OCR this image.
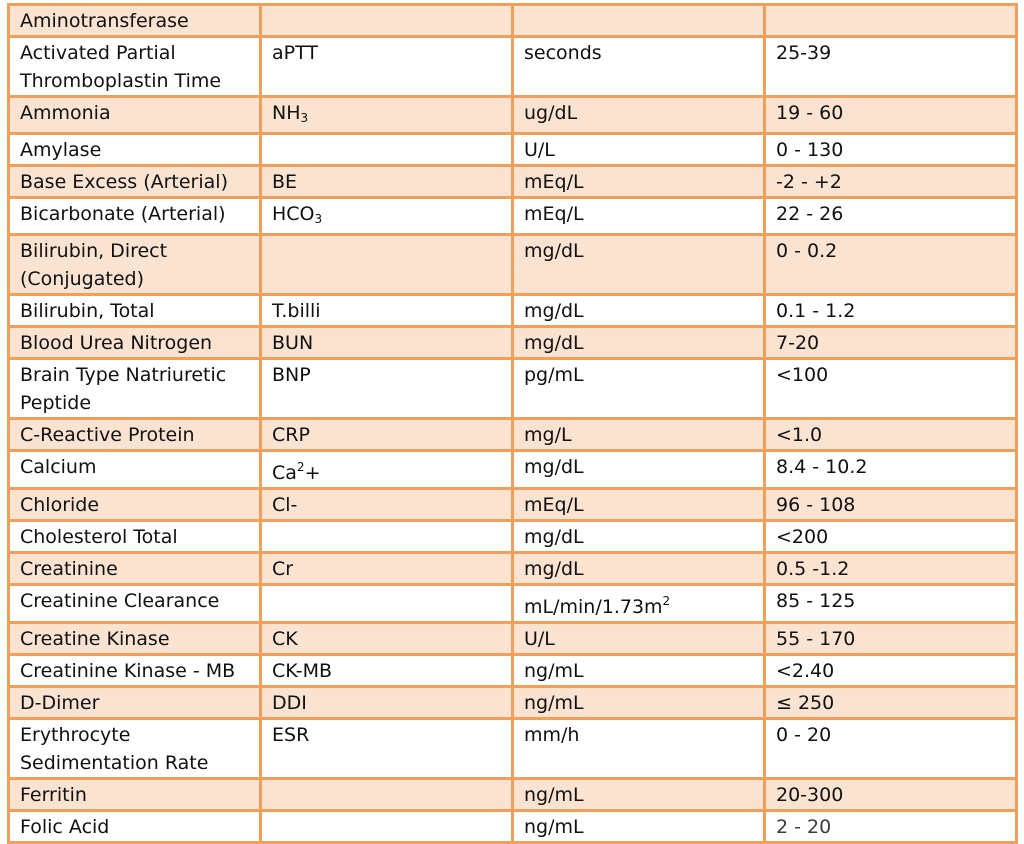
Aminotransferase			
Activated Partial Thromboplastin Time	aPTT	seconds	25-39
Ammonia	$NH_3$	ug/dL	19 - 60
Amylase		U/L	0 - 130
Base Excess (Arterial)	BE	mEq/L	-2 - +2
Bicarbonate (Arterial)	$HCO_3$	mEq/L	22 - 26
Bilirubin, Direct (Conjugated)		mg/dL	0 - 0.2
Bilirubin, Total	T.billi	mg/dL	0.1 - 1.2
Blood Urea Nitrogen	BUN	mg/dL	7-20
Brain Type Natriuretic Peptide	BNP	pg/mL	<100
C-Reactive Protein	CRP	mg/L	<1.0
Calcium	$Ca^2+$	mg/dL	8.4 - 10.2
Chloride	Cl-	mEq/L	96 - 108
Cholesterol Total		mg/dL	<200
Creatinine	Cr	mg/dL	0.5 -1.2
Creatinine Clearance		$mL/\min/1.73m^2$	85 - 125
Creatine Kinase	CK	U/L	55 - 170
Creatinine Kinase - MB	CK-MB	ng/mL	<2.40
D-Dimer	DDI	ng/mL	≤ 250
Erythrocyte Sedimentation Rate	ESR	mm/h	0 - 20
Ferritin		ng/mL	20-300
Folic Acid		ng/mL	2 - 20
